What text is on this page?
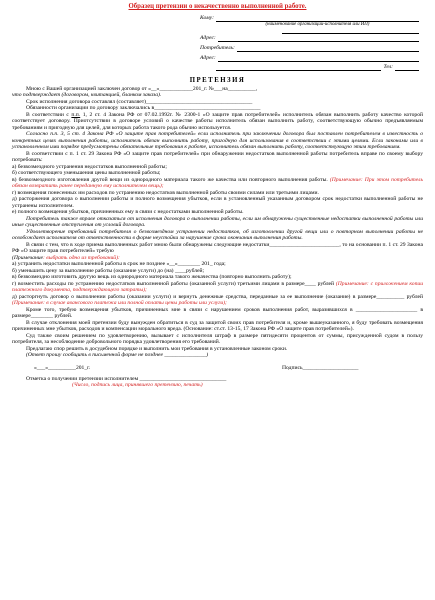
Образец претензии о некачественно выполненной работе.
Кому:
(наименование организации-исполнителя или ИП)
Адрес:
Потребитель:
Адрес:
Тел:
ПРЕТЕНЗИЯ

Мною с Вашей организацией заключен договор от «__»____________201_г. №___на__________,

что подтверждает (договором, квитанцией, бланком заказа).

Срок исполнения договора составлял (составляет)______________________________________

Обязанности организации по договору заключались в______________________________________

В соответствии с п.п. 1, 2 ст. 4 Закона РФ от 07.02.1992г. № 2300-1 «О защите прав потребителей» исполнитель обязан выполнить работу качество которой соответствует договору. Приотсутствии в договоре условий о качестве работы исполнитель обязан выполнить работу, соответствующую обычно предъявляемым требованиям и пригодную для целей, для которых работа такого рода обычно используется.

Согласно п.п. 3, 5 ст. 4 Закона РФ «О защите прав потребителей» если исполнитель при заключении договора был поставлен потребителем в известность о конкретных целях выполнения работы, исполнитель обязан выполнить работу, пригодную для использования в соответствии с этими целями. Если законами или в установленном ими порядке предусмотрены обязательные требования к работе, исполнитель обязан выполнить работу, соответствующую этим требованиям.

В соответствии с п. 1 ст. 29 Закона РФ «О защите прав потребителей» при обнаружении недостатков выполненной работы потребитель вправе по своему выбору потребовать:

а) безвозмездного устранения недостатков выполненной работы;

б) соответствующего уменьшения цены выполненной работы;

в) безвозмездного изготовления другой вещи из однородного материала такого же качества или повторного выполнения работы. (Примечание: При этом потребитель обязан возвратить ранее переданную ему исполнителем вещь);

г) возмещения понесенных им расходов по устранению недостатков выполненной работы своими силами или третьими лицами.

д) расторжения договора о выполнении работы и полного возмещения убытков, если в установленный указанным договором срок недостатки выполненной работы не устранены исполнителем.

е) полного возмещения убытков, причиненных ему в связи с недостатками выполненной работы.

Потребитель также вправе отказаться от исполнения договора о выполнении работы, если им обнаружены существенные недостатки выполненной работы или иные существенные отступления от условий договора.

Удовлетворение требований потребителя о безвозмездном устранении недостатков, об изготовлении другой вещи или о повторном выполнении работы не освобождает исполнителя от ответственности в форме неустойки за нарушение срока окончания выполнения работы.

В связи с тем, что в ходе приема выполненных работ мною были обнаружены следующие недостатки_________________________, то на основании п. 1 ст. 29 Закона РФ «О защите прав потребителей» требую

(Примечание: выбрать одно из требований):

а) устранить недостатки выполненной работы в срок не позднее «__»________ 201_ года;

б) уменьшить цену за выполнение работы (оказание услуги) до (на) ____рублей;

в) безвозмездно изготовить другую вещь из однородного материала такого жекачества (повторно выполнить работу);

г) возместить расходы по устранению недостатков выполненной работы (оказанной услуги) третьими лицами в размере____ рублей (Примечание: с приложением копии платежного документа, подтверждающего затраты);

д) расторгнуть договор о выполнении работы (оказании услуги) и вернуть денежные средства, переданные за ее выполнение (оказание) в размере__________ рублей (Примечание: в случае авансового платежа или полной оплаты цены работы или услуги);

Кроме того, требую возмещения убытков, причиненных мне в связи с нарушением сроков выполнения работ, выразившихся в ______________________ в размере________ рублей.

В случае отклонения моей претензии буду вынужден обратиться в суд за защитой своих прав потребителя и, кроме вышеуказанного, я буду требовать возмещения причиненных мне убытков, расходов и компенсации морального вреда. (Основание: ст.ст. 13-15, 17 Закона РФ «О защите прав потребителей»).

Суд также своим решением по удовлетворению, вызывает с исполнителя штраф в размере пятидесяти процентов от суммы, присужденной судом в пользу потребителя, за несоблюдение добровольного порядка удовлетворения его требований.

Предлагаю спор решить в досудебном порядке и выполнить мои требования в установленные законом сроки.

(Ответ прошу сообщить в письменной форме не позднее _______________)

«___»__________201_г.	Подпись____________________

Отметка о получении претензии исполнителем _______________________________

(Число, подпись лица, принявшего претензию, печать)
